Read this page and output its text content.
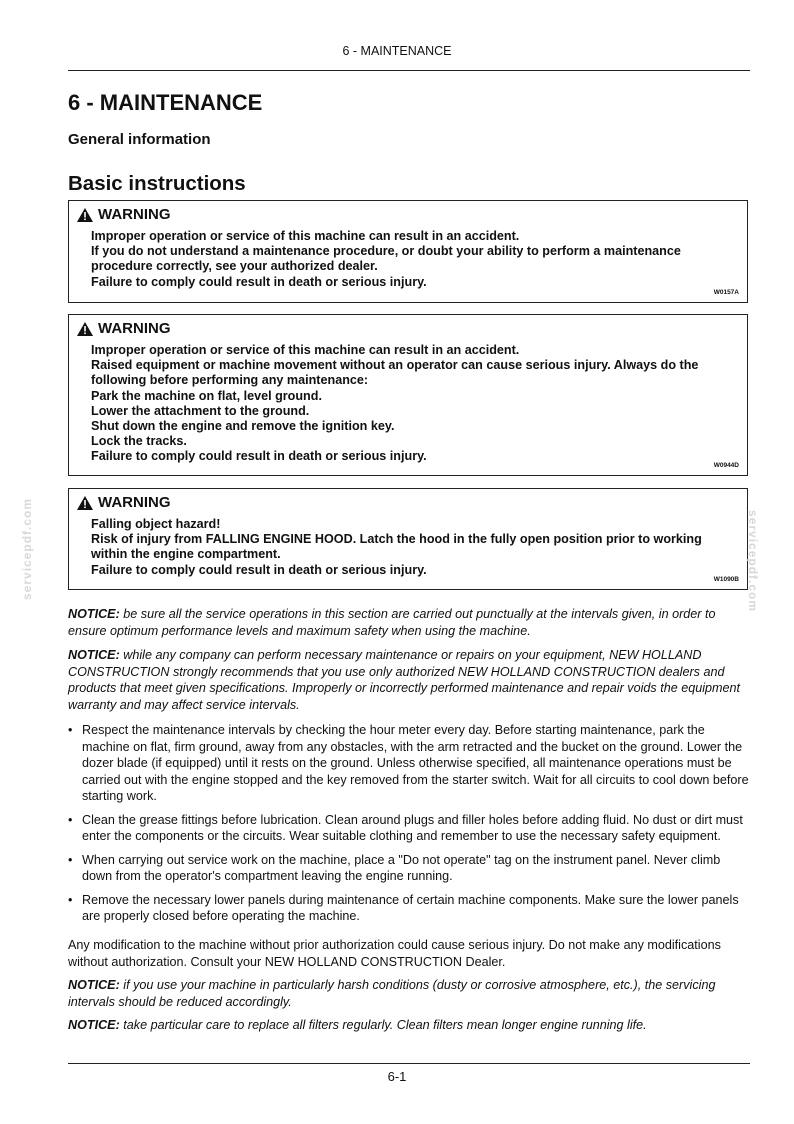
6 - MAINTENANCE
6 - MAINTENANCE
General information
Basic instructions
WARNING
Improper operation or service of this machine can result in an accident.
If you do not understand a maintenance procedure, or doubt your ability to perform a maintenance procedure correctly, see your authorized dealer.
Failure to comply could result in death or serious injury.
W0157A
WARNING
Improper operation or service of this machine can result in an accident.
Raised equipment or machine movement without an operator can cause serious injury. Always do the following before performing any maintenance:
Park the machine on flat, level ground.
Lower the attachment to the ground.
Shut down the engine and remove the ignition key.
Lock the tracks.
Failure to comply could result in death or serious injury.
W0944D
WARNING
Falling object hazard!
Risk of injury from FALLING ENGINE HOOD. Latch the hood in the fully open position prior to working within the engine compartment.
Failure to comply could result in death or serious injury.
W1090B
NOTICE: be sure all the service operations in this section are carried out punctually at the intervals given, in order to ensure optimum performance levels and maximum safety when using the machine.
NOTICE: while any company can perform necessary maintenance or repairs on your equipment, NEW HOLLAND CONSTRUCTION strongly recommends that you use only authorized NEW HOLLAND CONSTRUCTION dealers and products that meet given specifications. Improperly or incorrectly performed maintenance and repair voids the equipment warranty and may affect service intervals.
• Respect the maintenance intervals by checking the hour meter every day. Before starting maintenance, park the machine on flat, firm ground, away from any obstacles, with the arm retracted and the bucket on the ground. Lower the dozer blade (if equipped) until it rests on the ground. Unless otherwise specified, all maintenance operations must be carried out with the engine stopped and the key removed from the starter switch. Wait for all circuits to cool down before starting work.
• Clean the grease fittings before lubrication. Clean around plugs and filler holes before adding fluid. No dust or dirt must enter the components or the circuits. Wear suitable clothing and remember to use the necessary safety equipment.
• When carrying out service work on the machine, place a "Do not operate" tag on the instrument panel. Never climb down from the operator's compartment leaving the engine running.
• Remove the necessary lower panels during maintenance of certain machine components. Make sure the lower panels are properly closed before operating the machine.
Any modification to the machine without prior authorization could cause serious injury. Do not make any modifications without authorization. Consult your NEW HOLLAND CONSTRUCTION Dealer.
NOTICE: if you use your machine in particularly harsh conditions (dusty or corrosive atmosphere, etc.), the servicing intervals should be reduced accordingly.
NOTICE: take particular care to replace all filters regularly. Clean filters mean longer engine running life.
servicepdf.com	servicepdf.com
6-1
